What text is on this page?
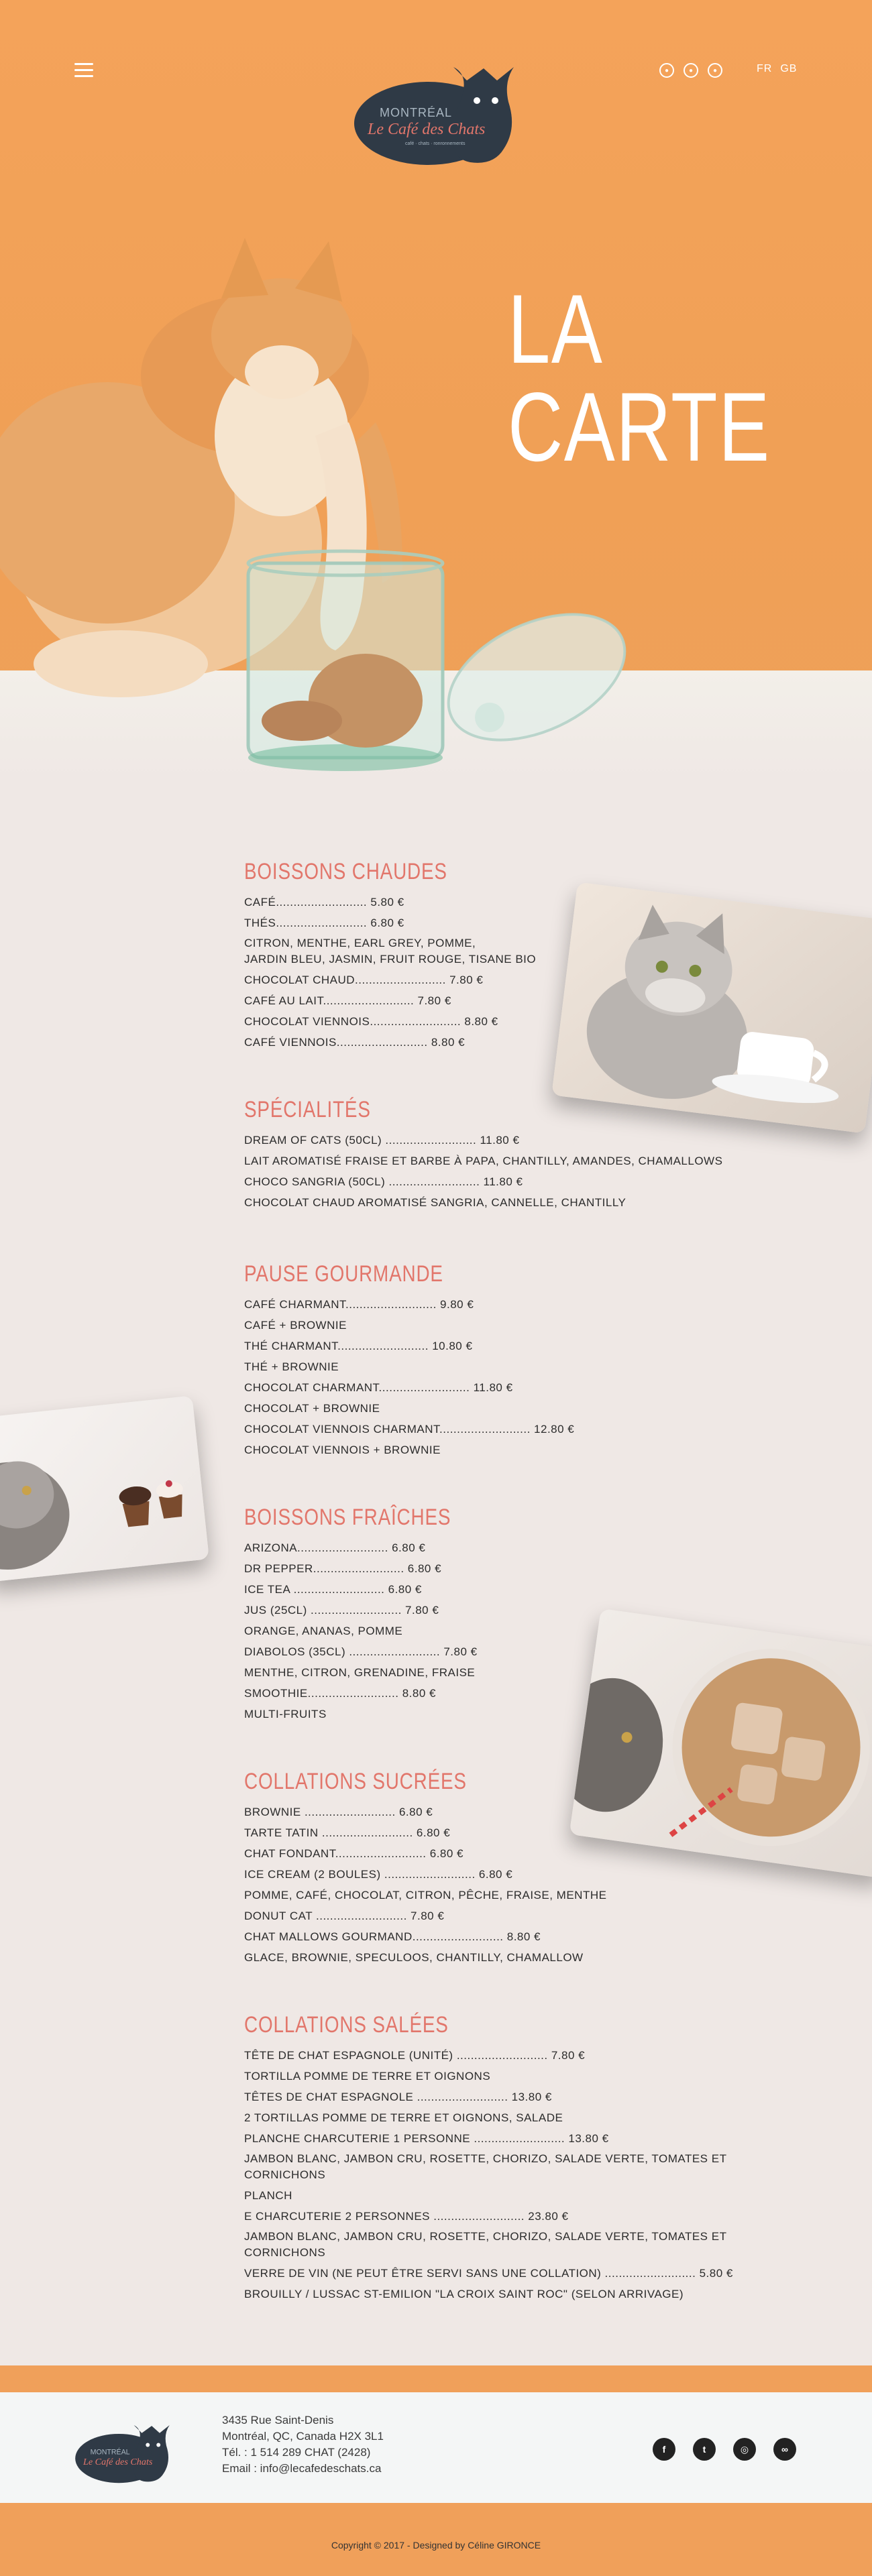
MONTRÉAL
Le Café des Chats
café · chats · ronronnements
●	●	●	FR GB
LA CARTE
BOISSONS CHAUDES
CAFÉ.......................... 5.80 €
THÉS.......................... 6.80 €
CITRON, MENTHE, EARL GREY, POMME,
JARDIN BLEU, JASMIN, FRUIT ROUGE, TISANE BIO
CHOCOLAT CHAUD.......................... 7.80 €
CAFÉ AU LAIT.......................... 7.80 €
CHOCOLAT VIENNOIS.......................... 8.80 €
CAFÉ VIENNOIS.......................... 8.80 €
SPÉCIALITÉS
DREAM OF CATS (50CL) .......................... 11.80 €
LAIT AROMATISÉ FRAISE ET BARBE À PAPA, CHANTILLY, AMANDES, CHAMALLOWS
CHOCO SANGRIA (50CL) .......................... 11.80 €
CHOCOLAT CHAUD AROMATISÉ SANGRIA, CANNELLE, CHANTILLY
PAUSE GOURMANDE
CAFÉ CHARMANT.......................... 9.80 €
CAFÉ + BROWNIE
THÉ CHARMANT.......................... 10.80 €
THÉ + BROWNIE
CHOCOLAT CHARMANT.......................... 11.80 €
CHOCOLAT + BROWNIE
CHOCOLAT VIENNOIS CHARMANT.......................... 12.80 €
CHOCOLAT VIENNOIS + BROWNIE
BOISSONS FRAÎCHES
ARIZONA.......................... 6.80 €
DR PEPPER.......................... 6.80 €
ICE TEA .......................... 6.80 €
JUS (25CL) .......................... 7.80 €
ORANGE, ANANAS, POMME
DIABOLOS (35CL) .......................... 7.80 €
MENTHE, CITRON, GRENADINE, FRAISE
SMOOTHIE.......................... 8.80 €
MULTI-FRUITS
COLLATIONS SUCRÉES
BROWNIE .......................... 6.80 €
TARTE TATIN .......................... 6.80 €
CHAT FONDANT.......................... 6.80 €
ICE CREAM (2 BOULES) .......................... 6.80 €
POMME, CAFÉ, CHOCOLAT, CITRON, PÊCHE, FRAISE, MENTHE
DONUT CAT .......................... 7.80 €
CHAT MALLOWS GOURMAND.......................... 8.80 €
GLACE, BROWNIE, SPECULOOS, CHANTILLY, CHAMALLOW
COLLATIONS SALÉES
TÊTE DE CHAT ESPAGNOLE (UNITÉ) .......................... 7.80 €
TORTILLA POMME DE TERRE ET OIGNONS
TÊTES DE CHAT ESPAGNOLE .......................... 13.80 €
2 TORTILLAS POMME DE TERRE ET OIGNONS, SALADE
PLANCHE CHARCUTERIE 1 PERSONNE .......................... 13.80 €
JAMBON BLANC, JAMBON CRU, ROSETTE, CHORIZO, SALADE VERTE, TOMATES ET CORNICHONS
PLANCH
E CHARCUTERIE 2 PERSONNES .......................... 23.80 €
JAMBON BLANC, JAMBON CRU, ROSETTE, CHORIZO, SALADE VERTE, TOMATES ET CORNICHONS
VERRE DE VIN (NE PEUT ÊTRE SERVI SANS UNE COLLATION) .......................... 5.80 €
BROUILLY / LUSSAC ST-EMILION "LA CROIX SAINT ROC" (SELON ARRIVAGE)
MONTRÉAL
Le Café des Chats
3435 Rue Saint-Denis
Montréal, QC, Canada H2X 3L1
Tél. : 1 514 289 CHAT (2428)
Email : info@lecafedeschats.ca
f	t	◎	∞

Copyright © 2017 - Designed by Céline GIRONCE
